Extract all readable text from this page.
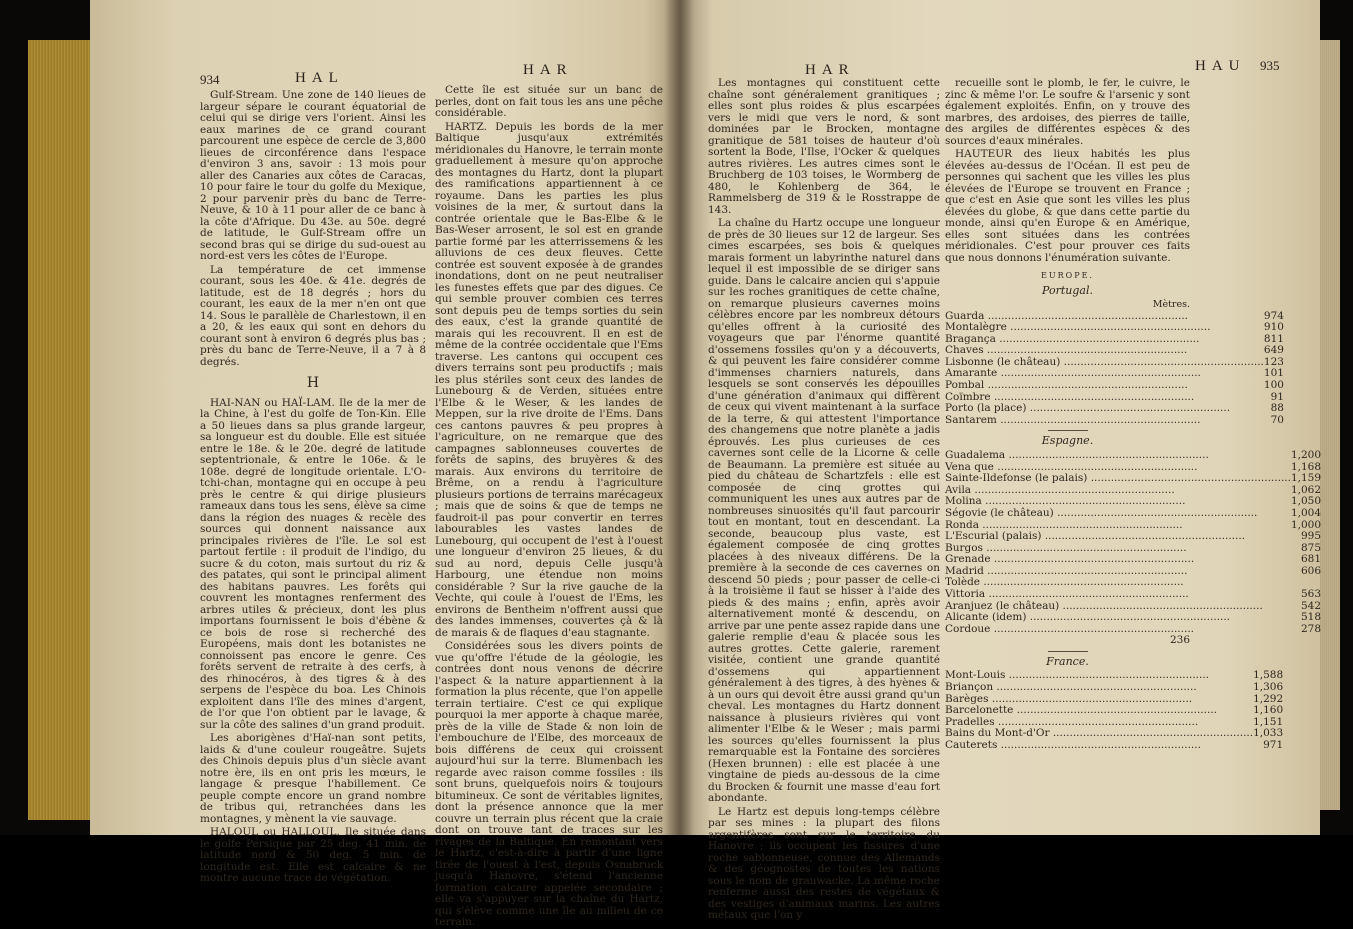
934	HAL	HAR

Gulf-Stream. Une zone de 140 lieues de largeur sépare le courant équatorial de celui qui se dirige vers l'orient. Ainsi les eaux marines de ce grand courant parcourent une espèce de cercle de 3,800 lieues de circonférence dans l'espace d'environ 3 ans, savoir : 13 mois pour aller des Canaries aux côtes de Caracas, 10 pour faire le tour du golfe du Mexique, 2 pour parvenir près du banc de Terre-Neuve, & 10 à 11 pour aller de ce banc à la côte d'Afrique. Du 43e. au 50e. degré de latitude, le Gulf-Stream offre un second bras qui se dirige du sud-ouest au nord-est vers les côtes de l'Europe.

La température de cet immense courant, sous les 40e. & 41e. degrés de latitude, est de 18 degrés ; hors du courant, les eaux de la mer n'en ont que 14. Sous le parallèle de Charlestown, il en a 20, & les eaux qui sont en dehors du courant sont à environ 6 degrés plus bas ; près du banc de Terre-Neuve, il a 7 à 8 degrés.

H

HAI-NAN ou HAÏ-LAM. Ile de la mer de la Chine, à l'est du golfe de Ton-Kin. Elle a 50 lieues dans sa plus grande largeur, sa longueur est du double. Elle est située entre le 18e. & le 20e. degré de latitude septentrionale, & entre le 106e. & le 108e. degré de longitude orientale. L'O-tchi-chan, montagne qui en occupe à peu près le centre & qui dirige plusieurs rameaux dans tous les sens, élève sa cime dans la région des nuages & recèle des sources qui donnent naissance aux principales rivières de l'île. Le sol est partout fertile : il produit de l'indigo, du sucre & du coton, mais surtout du riz & des patates, qui sont le principal aliment des habitans pauvres. Les forêts qui couvrent les montagnes renferment des arbres utiles & précieux, dont les plus importans fournissent le bois d'ébène & ce bois de rose si recherché des Européens, mais dont les botanistes ne connoissent pas encore le genre. Ces forêts servent de retraite à des cerfs, à des rhinocéros, à des tigres & à des serpens de l'espèce du boa. Les Chinois exploitent dans l'île des mines d'argent, de l'or que l'on obtient par le lavage, & sur la côte des salines d'un grand produit.

Les aborigènes d'Haï-nan sont petits, laids & d'une couleur rougeâtre. Sujets des Chinois depuis plus d'un siècle avant notre ère, ils en ont pris les mœurs, le langage & presque l'habillement. Ce peuple compte encore un grand nombre de tribus qui, retranchées dans les montagnes, y mènent la vie sauvage.

HALOUL ou HALLOUL. Ile située dans le golfe Persique par 25 deg. 41 min. de latitude nord & 50 deg. 5 min. de longitude est. Elle est calcaire & ne montre aucune trace de végétation.

Cette île est située sur un banc de perles, dont on fait tous les ans une pêche considérable.

HARTZ. Depuis les bords de la mer Baltique jusqu'aux extrémités méridionales du Hanovre, le terrain monte graduellement à mesure qu'on approche des montagnes du Hartz, dont la plupart des ramifications appartiennent à ce royaume. Dans les parties les plus voisines de la mer, & surtout dans la contrée orientale que le Bas-Elbe & le Bas-Weser arrosent, le sol est en grande partie formé par les atterrissemens & les alluvions de ces deux fleuves. Cette contrée est souvent exposée à de grandes inondations, dont on ne peut neutraliser les funestes effets que par des digues. Ce qui semble prouver combien ces terres sont depuis peu de temps sorties du sein des eaux, c'est la grande quantité de marais qui les recouvrent. Il en est de même de la contrée occidentale que l'Ems traverse. Les cantons qui occupent ces divers terrains sont peu productifs ; mais les plus stériles sont ceux des landes de Lunebourg & de Verden, situées entre l'Elbe & le Weser, & les landes de Meppen, sur la rive droite de l'Ems. Dans ces cantons pauvres & peu propres à l'agriculture, on ne remarque que des campagnes sablonneuses couvertes de forêts de sapins, des bruyères & des marais. Aux environs du territoire de Brême, on a rendu à l'agriculture plusieurs portions de terrains marécageux ; mais que de soins & que de temps ne faudroit-il pas pour convertir en terres labourables les vastes landes de Lunebourg, qui occupent de l'est à l'ouest une longueur d'environ 25 lieues, & du sud au nord, depuis Celle jusqu'à Harbourg, une étendue non moins considérable ? Sur la rive gauche de la Vechte, qui coule à l'ouest de l'Ems, les environs de Bentheim n'offrent aussi que des landes immenses, couvertes çà & là de marais & de flaques d'eau stagnante.

Considérées sous les divers points de vue qu'offre l'étude de la géologie, les contrées dont nous venons de décrire l'aspect & la nature appartiennent à la formation la plus récente, que l'on appelle terrain tertiaire. C'est ce qui explique pourquoi la mer apporte à chaque marée, près de la ville de Stade & non loin de l'embouchure de l'Elbe, des morceaux de bois différens de ceux qui croissent aujourd'hui sur la terre. Blumenbach les regarde avec raison comme fossiles : ils sont bruns, quelquefois noirs & toujours bitumineux. Ce sont de véritables lignites, dont la présence annonce que la mer couvre un terrain plus récent que la craie dont on trouve tant de traces sur les rivages de la Baltique. En remontant vers le Hartz, c'est-à-dire à partir d'une ligne tirée de l'ouest à l'est, depuis Osnabruck jusqu'à Hanovre, s'étend l'ancienne formation calcaire appelée secondaire ; elle va s'appuyer sur la chaîne du Hartz, qui s'élève comme une île au milieu de ce terrain.

HAR	HAU 935

Les montagnes qui constituent cette chaîne sont généralement granitiques ; elles sont plus roides & plus escarpées vers le midi que vers le nord, & sont dominées par le Brocken, montagne granitique de 581 toises de hauteur d'où sortent la Bode, l'Ilse, l'Ocker & quelques autres rivières. Les autres cimes sont le Bruchberg de 103 toises, le Wormberg de 480, le Kohlenberg de 364, le Rammelsberg de 319 & le Rosstrappe de 143.

La chaîne du Hartz occupe une longueur de près de 30 lieues sur 12 de largeur. Ses cimes escarpées, ses bois & quelques marais forment un labyrinthe naturel dans lequel il est impossible de se diriger sans guide. Dans le calcaire ancien qui s'appuie sur les roches granitiques de cette chaîne, on remarque plusieurs cavernes moins célèbres encore par les nombreux détours qu'elles offrent à la curiosité des voyageurs que par l'énorme quantité d'ossemens fossiles qu'on y a découverts, & qui peuvent les faire considérer comme d'immenses charniers naturels, dans lesquels se sont conservés les dépouilles d'une génération d'animaux qui diffèrent de ceux qui vivent maintenant à la surface de la terre, & qui attestent l'importance des changemens que notre planète a jadis éprouvés. Les plus curieuses de ces cavernes sont celle de la Licorne & celle de Beaumann. La première est située au pied du château de Schartzfels : elle est composée de cinq grottes qui communiquent les unes aux autres par de nombreuses sinuosités qu'il faut parcourir tout en montant, tout en descendant. La seconde, beaucoup plus vaste, est également composée de cinq grottes placées à des niveaux différens. De la première à la seconde de ces cavernes on descend 50 pieds ; pour passer de celle-ci à la troisième il faut se hisser à l'aide des pieds & des mains ; enfin, après avoir alternativement monté & descendu, on arrive par une pente assez rapide dans une galerie remplie d'eau & placée sous les autres grottes. Cette galerie, rarement visitée, contient une grande quantité d'ossemens qui appartiennent généralement à des tigres, à des hyènes & à un ours qui devoit être aussi grand qu'un cheval. Les montagnes du Hartz donnent naissance à plusieurs rivières qui vont alimenter l'Elbe & le Weser ; mais parmi les sources qu'elles fournissent la plus remarquable est la Fontaine des sorcières (Hexen brunnen) : elle est placée à une vingtaine de pieds au-dessous de la cime du Brocken & fournit une masse d'eau fort abondante.

Le Hartz est depuis long-temps célèbre par ses mines : la plupart des filons argentifères sont sur le territoire du Hanovre ; ils occupent les fissures d'une roche sablonneuse, connue des Allemands & des géognostes de toutes les nations sous le nom de grauwacke. La même roche renferme aussi des restes de végétaux & des vestiges d'animaux marins. Les autres métaux que l'on y

recueille sont le plomb, le fer, le cuivre, le zinc & même l'or. Le soufre & l'arsenic y sont également exploités. Enfin, on y trouve des marbres, des ardoises, des pierres de taille, des argiles de différentes espèces & des sources d'eaux minérales.

HAUTEUR des lieux habités les plus élevées au-dessus de l'Océan. Il est peu de personnes qui sachent que les villes les plus élevées de l'Europe se trouvent en France ; que c'est en Asie que sont les villes les plus élevées du globe, & que dans cette partie du monde, ainsi qu'en Europe & en Amérique, elles sont situées dans les contrées méridionales. C'est pour prouver ces faits que nous donnons l'énumération suivante.

EUROPE.
Portugal.
Mètres.
Guarda ............................................................	974
Montalègre ............................................................	910
Bragança ............................................................	811
Chaves ............................................................	649
Lisbonne (le château) ............................................................	123
Amarante ............................................................	101
Pombal ............................................................	100
Coïmbre ............................................................	91
Porto (la place) ............................................................	88
Santarem ............................................................	70
Espagne.
Guadalema ............................................................	1,200
Vena que ............................................................	1,168
Sainte-Ildefonse (le palais) ............................................................	1,159
Avila ............................................................	1,062
Molina ............................................................	1,050
Ségovie (le château) ............................................................	1,004
Ronda ............................................................	1,000
L'Escurial (palais) ............................................................	995
Burgos ............................................................	875
Grenade ............................................................	681
Madrid ............................................................	606
Tolède ............................................................	
Vittoria ............................................................	563
Aranjuez (le château) ............................................................	542
Alicante (idem) ............................................................	518
Cordoue ............................................................	278
236
France.
Mont-Louis ............................................................	1,588
Briançon ............................................................	1,306
Barèges ............................................................	1,292
Barcelonette ............................................................	1,160
Pradelles ............................................................	1,151
Bains du Mont-d'Or ............................................................	1,033
Cauterets ............................................................	971
